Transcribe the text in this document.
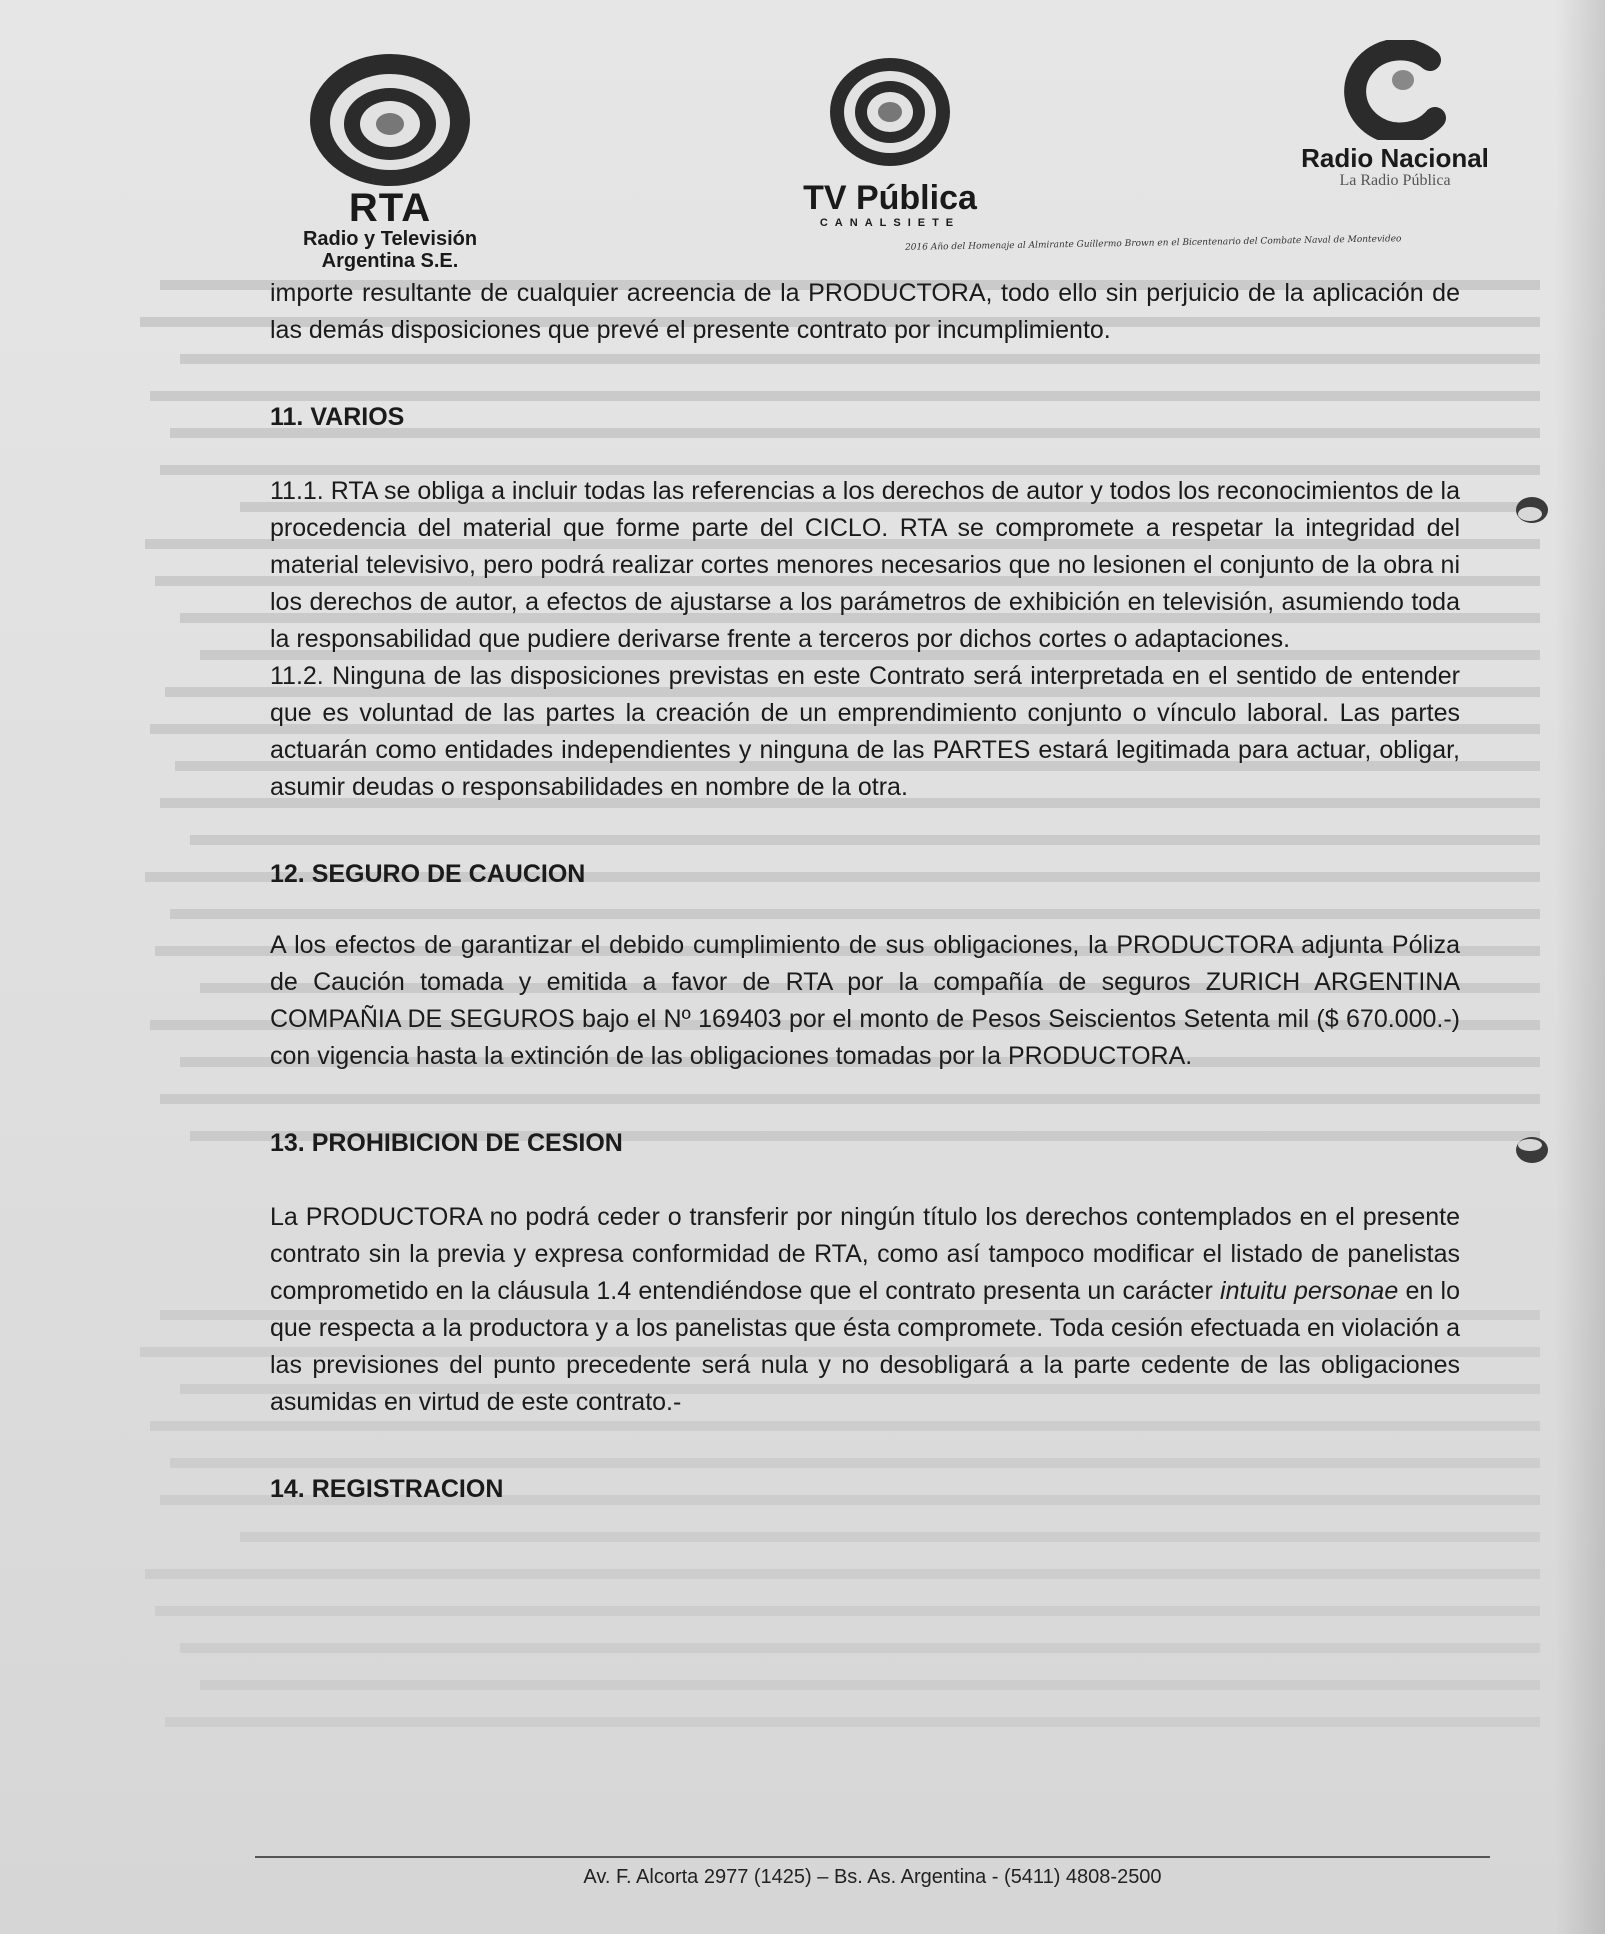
RTA
Radio y Televisión
Argentina S.E.
TV Pública
CANALSIETE
Radio Nacional
La Radio Pública
2016 Año del Homenaje al Almirante Guillermo Brown en el Bicentenario del Combate Naval de Montevideo

importe resultante de cualquier acreencia de la PRODUCTORA, todo ello sin perjuicio de la aplicación de las demás disposiciones que prevé el presente contrato por incumplimiento.

11. VARIOS

11.1. RTA se obliga a incluir todas las referencias a los derechos de autor y todos los reconocimientos de la procedencia del material que forme parte del CICLO. RTA se compromete a respetar la integridad del material televisivo, pero podrá realizar cortes menores necesarios que no lesionen el conjunto de la obra ni los derechos de autor, a efectos de ajustarse a los parámetros de exhibición en televisión, asumiendo toda la responsabilidad que pudiere derivarse frente a terceros por dichos cortes o adaptaciones.

11.2. Ninguna de las disposiciones previstas en este Contrato será interpretada en el sentido de entender que es voluntad de las partes la creación de un emprendimiento conjunto o vínculo laboral. Las partes actuarán como entidades independientes y ninguna de las PARTES estará legitimada para actuar, obligar, asumir deudas o responsabilidades en nombre de la otra.

12. SEGURO DE CAUCION

A los efectos de garantizar el debido cumplimiento de sus obligaciones, la PRODUCTORA adjunta Póliza de Caución tomada y emitida a favor de RTA por la compañía de seguros ZURICH ARGENTINA COMPAÑIA DE SEGUROS bajo el Nº 169403 por el monto de Pesos Seiscientos Setenta mil ($ 670.000.-) con vigencia hasta la extinción de las obligaciones tomadas por la PRODUCTORA.

13. PROHIBICION DE CESION

La PRODUCTORA no podrá ceder o transferir por ningún título los derechos contemplados en el presente contrato sin la previa y expresa conformidad de RTA, como así tampoco modificar el listado de panelistas comprometido en la cláusula 1.4 entendiéndose que el contrato presenta un carácter intuitu personae en lo que respecta a la productora y a los panelistas que ésta compromete. Toda cesión efectuada en violación a las previsiones del punto precedente será nula y no desobligará a la parte cedente de las obligaciones asumidas en virtud de este contrato.-

14. REGISTRACION

Av. F. Alcorta 2977 (1425) – Bs. As. Argentina - (5411) 4808-2500
